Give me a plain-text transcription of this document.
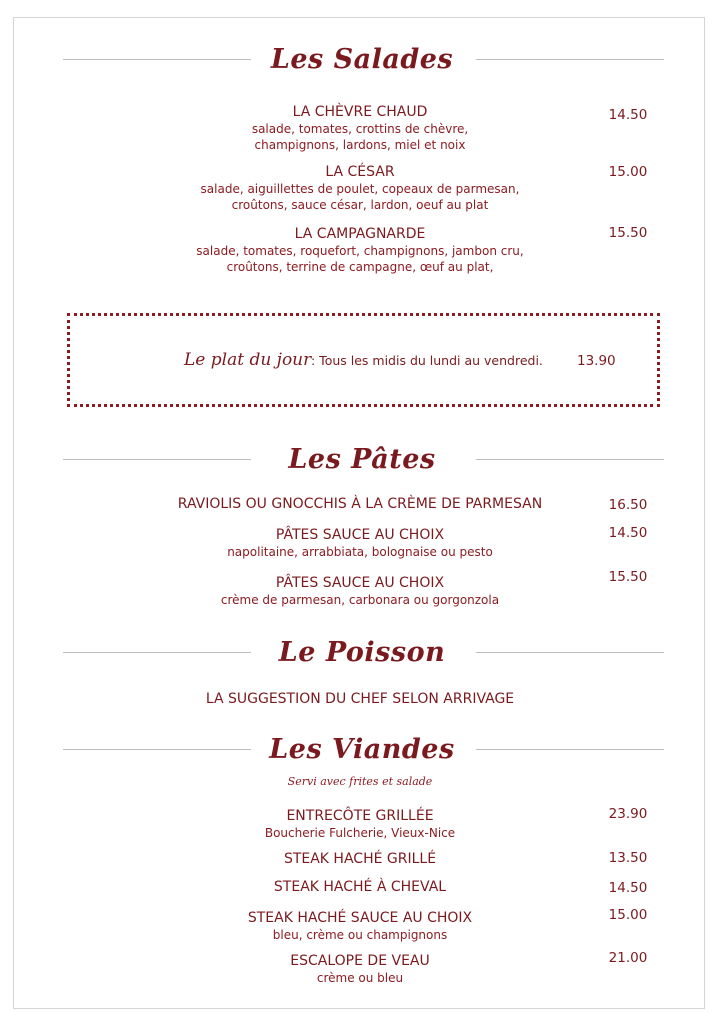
Les Salades
LA CHÈVRE CHAUD
salade, tomates, crottins de chèvre,
champignons, lardons, miel et noix
14.50
LA CÉSAR
salade, aiguillettes de poulet, copeaux de parmesan,
croûtons, sauce césar, lardon, oeuf au plat
15.00
LA CAMPAGNARDE
salade, tomates, roquefort, champignons, jambon cru,
croûtons, terrine de campagne, œuf au plat,
15.50
Le plat du jour : Tous les midis du lundi au vendredi.	13.90
Les Pâtes
RAVIOLIS OU GNOCCHIS À LA CRÈME DE PARMESAN	16.50
PÂTES SAUCE AU CHOIX
napolitaine, arrabbiata, bolognaise ou pesto
14.50
PÂTES SAUCE AU CHOIX
crème de parmesan, carbonara ou gorgonzola
15.50
Le Poisson
LA SUGGESTION DU CHEF SELON ARRIVAGE
Les Viandes
Servi avec frites et salade
ENTRECÔTE GRILLÉE
Boucherie Fulcherie, Vieux-Nice
23.90
STEAK HACHÉ GRILLÉ	13.50
STEAK HACHÉ À CHEVAL	14.50
STEAK HACHÉ SAUCE AU CHOIX
bleu, crème ou champignons
15.00
ESCALOPE DE VEAU
crème ou bleu
21.00
